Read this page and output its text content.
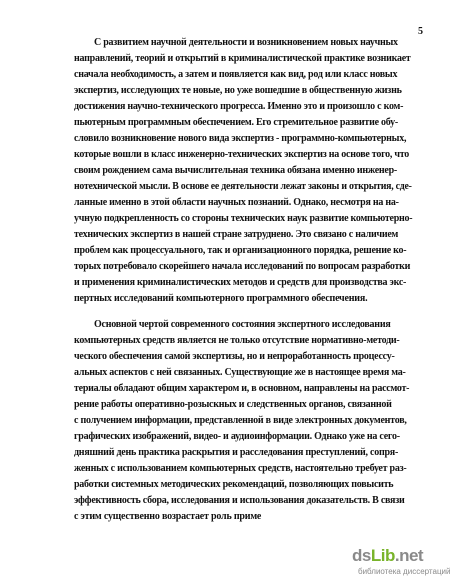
5
С развитием научной деятельности и возникновением новых научных
направлений, теорий и открытий в криминалистической практике возникает
сначала необходимость, а затем и появляется как вид, род или класс новых
экспертиз, исследующих те новые, но уже вошедшие в общественную жизнь
достижения научно-технического прогресса. Именно это и произошло с ком-
пьютерным программным обеспечением. Его стремительное развитие обу-
словило возникновение нового вида экспертиз - программно-компьютерных,
которые вошли в класс инженерно-технических экспертиз на основе того, что
своим рождением сама вычислительная техника обязана именно инженер-
нотехнической мысли. В основе ее деятельности лежат законы и открытия, сде-
ланные именно в этой области научных познаний. Однако, несмотря на на-
учную подкрепленность со стороны технических наук развитие компьютерно-
технических экспертиз в нашей стране затруднено. Это связано с наличием
проблем как процессуального, так и организационного порядка, решение ко-
торых потребовало скорейшего начала исследований по вопросам разработки
и применения криминалистических методов и средств для производства экс-
пертных исследований компьютерного программного обеспечения.
Основной чертой современного состояния экспертного исследования
компьютерных средств является не только отсутствие нормативно-методи-
ческого обеспечения самой экспертизы, но и непроработанность процессу-
альных аспектов с ней связанных. Существующие же в настоящее время ма-
териалы обладают общим характером и, в основном, направлены на рассмот-
рение работы оперативно-розыскных и следственных органов, связанной
с получением информации, представленной в виде электронных документов,
графических изображений, видео- и аудиоинформации. Однако уже на сего-
дняшний день практика раскрытия и расследования преступлений, сопря-
женных с использованием компьютерных средств, настоятельно требует раз-
работки системных методических рекомендаций, позволяющих повысить
эффективность сбора, исследования и использования доказательств. В связи
с этим существенно возрастает роль приме
dsLib.net
библиотека диссертаций
